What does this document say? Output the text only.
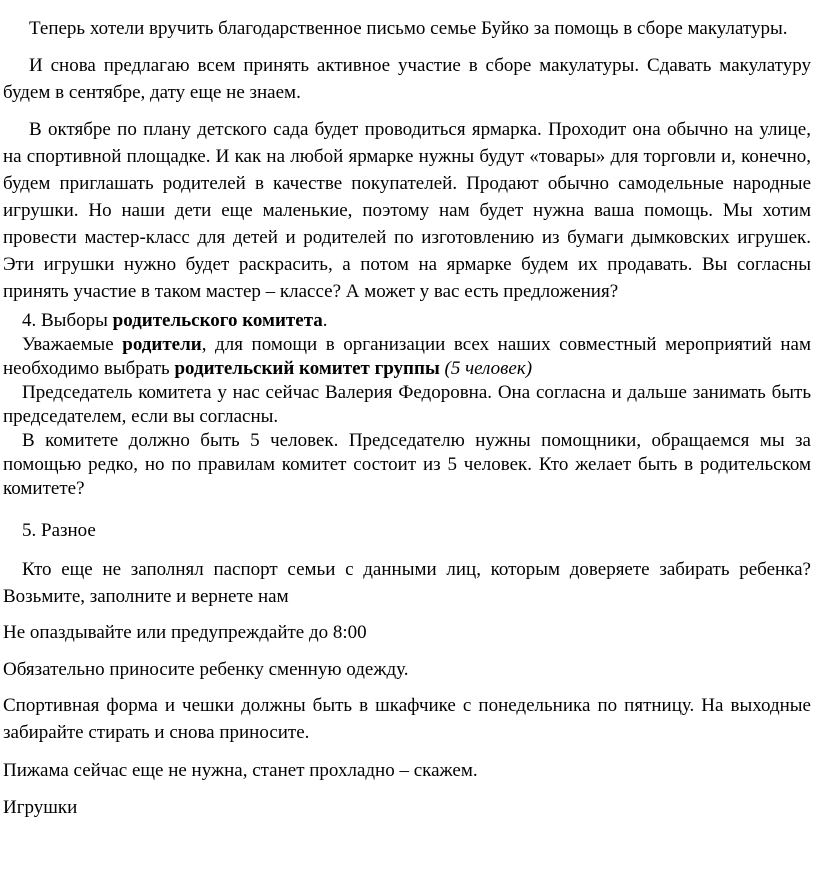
Теперь хотели вручить благодарственное письмо семье Буйко за помощь в сборе макулатуры.

И снова предлагаю всем принять активное участие в сборе макулатуры. Сдавать макулатуру будем в сентябре, дату еще не знаем.

В октябре по плану детского сада будет проводиться ярмарка. Проходит она обычно на улице, на спортивной площадке. И как на любой ярмарке нужны будут «товары» для торговли и, конечно, будем приглашать родителей в качестве покупателей. Продают обычно самодельные народные игрушки. Но наши дети еще маленькие, поэтому нам будет нужна ваша помощь. Мы хотим провести мастер-класс для детей и родителей по изготовлению из бумаги дымковских игрушек. Эти игрушки нужно будет раскрасить, а потом на ярмарке будем их продавать. Вы согласны принять участие в таком мастер – классе? А может у вас есть предложения?

4. Выборы родительского комитета.

Уважаемые родители, для помощи в организации всех наших совместный мероприятий нам необходимо выбрать родительский комитет группы (5 человек)

Председатель комитета у нас сейчас Валерия Федоровна. Она согласна и дальше занимать быть председателем, если вы согласны.

В комитете должно быть 5 человек. Председателю нужны помощники, обращаемся мы за помощью редко, но по правилам комитет состоит из 5 человек. Кто желает быть в родительском комитете?

5. Разное

Кто еще не заполнял паспорт семьи с данными лиц, которым доверяете забирать ребенка? Возьмите, заполните и вернете нам

Не опаздывайте или предупреждайте до 8:00

Обязательно приносите ребенку сменную одежду.

Спортивная форма и чешки должны быть в шкафчике с понедельника по пятницу. На выходные забирайте стирать и снова приносите.

Пижама сейчас еще не нужна, станет прохладно – скажем.

Игрушки
